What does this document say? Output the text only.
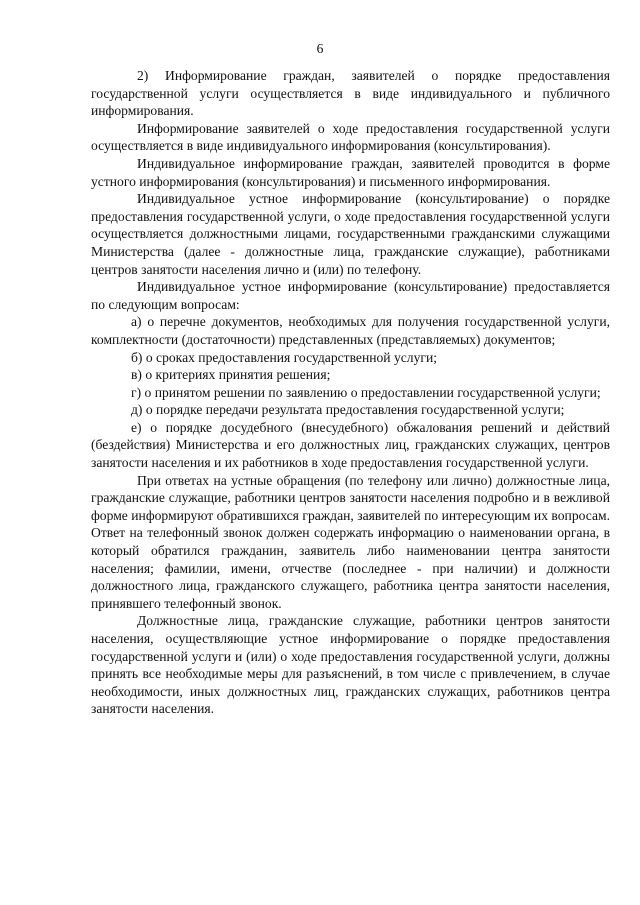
6

2) Информирование граждан, заявителей о порядке предоставления государственной услуги осуществляется в виде индивидуального и публичного информирования.

Информирование заявителей о ходе предоставления государственной услуги осуществляется в виде индивидуального информирования (консультирования).

Индивидуальное информирование граждан, заявителей проводится в форме устного информирования (консультирования) и письменного информирования.

Индивидуальное устное информирование (консультирование) о порядке предоставления государственной услуги, о ходе предоставления государственной услуги осуществляется должностными лицами, государственными гражданскими служащими Министерства (далее - должностные лица, гражданские служащие), работниками центров занятости населения лично и (или) по телефону.

Индивидуальное устное информирование (консультирование) предоставляется по следующим вопросам:

а) о перечне документов, необходимых для получения государственной услуги, комплектности (достаточности) представленных (представляемых) документов;

б) о сроках предоставления государственной услуги;

в) о критериях принятия решения;

г) о принятом решении по заявлению о предоставлении государственной услуги;

д) о порядке передачи результата предоставления государственной услуги;

е) о порядке досудебного (внесудебного) обжалования решений и действий (бездействия) Министерства и его должностных лиц, гражданских служащих, центров занятости населения и их работников в ходе предоставления государственной услуги.

При ответах на устные обращения (по телефону или лично) должностные лица, гражданские служащие, работники центров занятости населения подробно и в вежливой форме информируют обратившихся граждан, заявителей по интересующим их вопросам. Ответ на телефонный звонок должен содержать информацию о наименовании органа, в который обратился гражданин, заявитель либо наименовании центра занятости населения; фамилии, имени, отчестве (последнее - при наличии) и должности должностного лица, гражданского служащего, работника центра занятости населения, принявшего телефонный звонок.

Должностные лица, гражданские служащие, работники центров занятости населения, осуществляющие устное информирование о порядке предоставления государственной услуги и (или) о ходе предоставления государственной услуги, должны принять все необходимые меры для разъяснений, в том числе с привлечением, в случае необходимости, иных должностных лиц, гражданских служащих, работников центра занятости населения.
